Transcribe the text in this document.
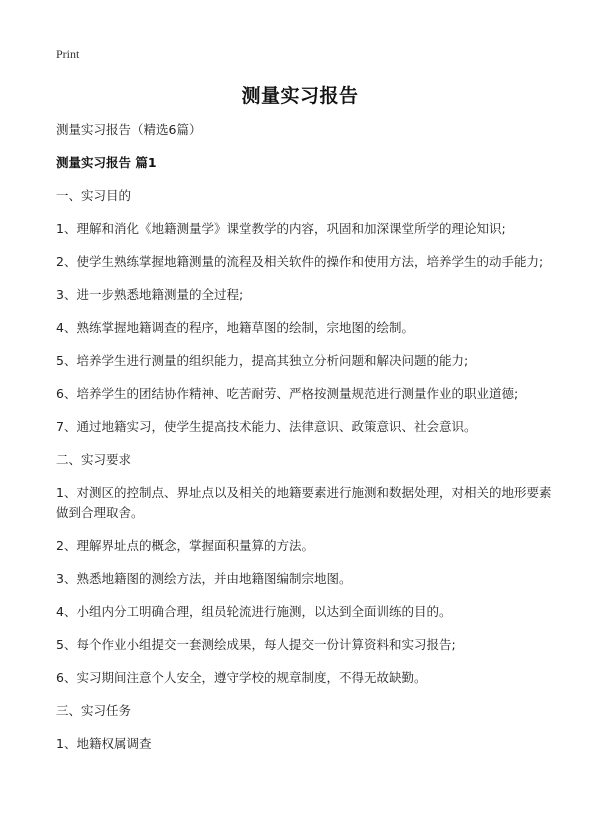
Print
测量实习报告

测量实习报告（精选6篇）

测量实习报告 篇1

一、实习目的

1、理解和消化《地籍测量学》课堂教学的内容，巩固和加深课堂所学的理论知识;

2、使学生熟练掌握地籍测量的流程及相关软件的操作和使用方法，培养学生的动手能力;

3、进一步熟悉地籍测量的全过程;

4、熟练掌握地籍调查的程序，地籍草图的绘制，宗地图的绘制。

5、培养学生进行测量的组织能力，提高其独立分析问题和解决问题的能力;

6、培养学生的团结协作精神、吃苦耐劳、严格按测量规范进行测量作业的职业道德;

7、通过地籍实习，使学生提高技术能力、法律意识、政策意识、社会意识。

二、实习要求

1、对测区的控制点、界址点以及相关的地籍要素进行施测和数据处理，对相关的地形要素做到合理取舍。

2、理解界址点的概念，掌握面积量算的方法。

3、熟悉地籍图的测绘方法，并由地籍图编制宗地图。

4、小组内分工明确合理，组员轮流进行施测，以达到全面训练的目的。

5、每个作业小组提交一套测绘成果，每人提交一份计算资料和实习报告;

6、实习期间注意个人安全，遵守学校的规章制度，不得无故缺勤。

三、实习任务

1、地籍权属调查
